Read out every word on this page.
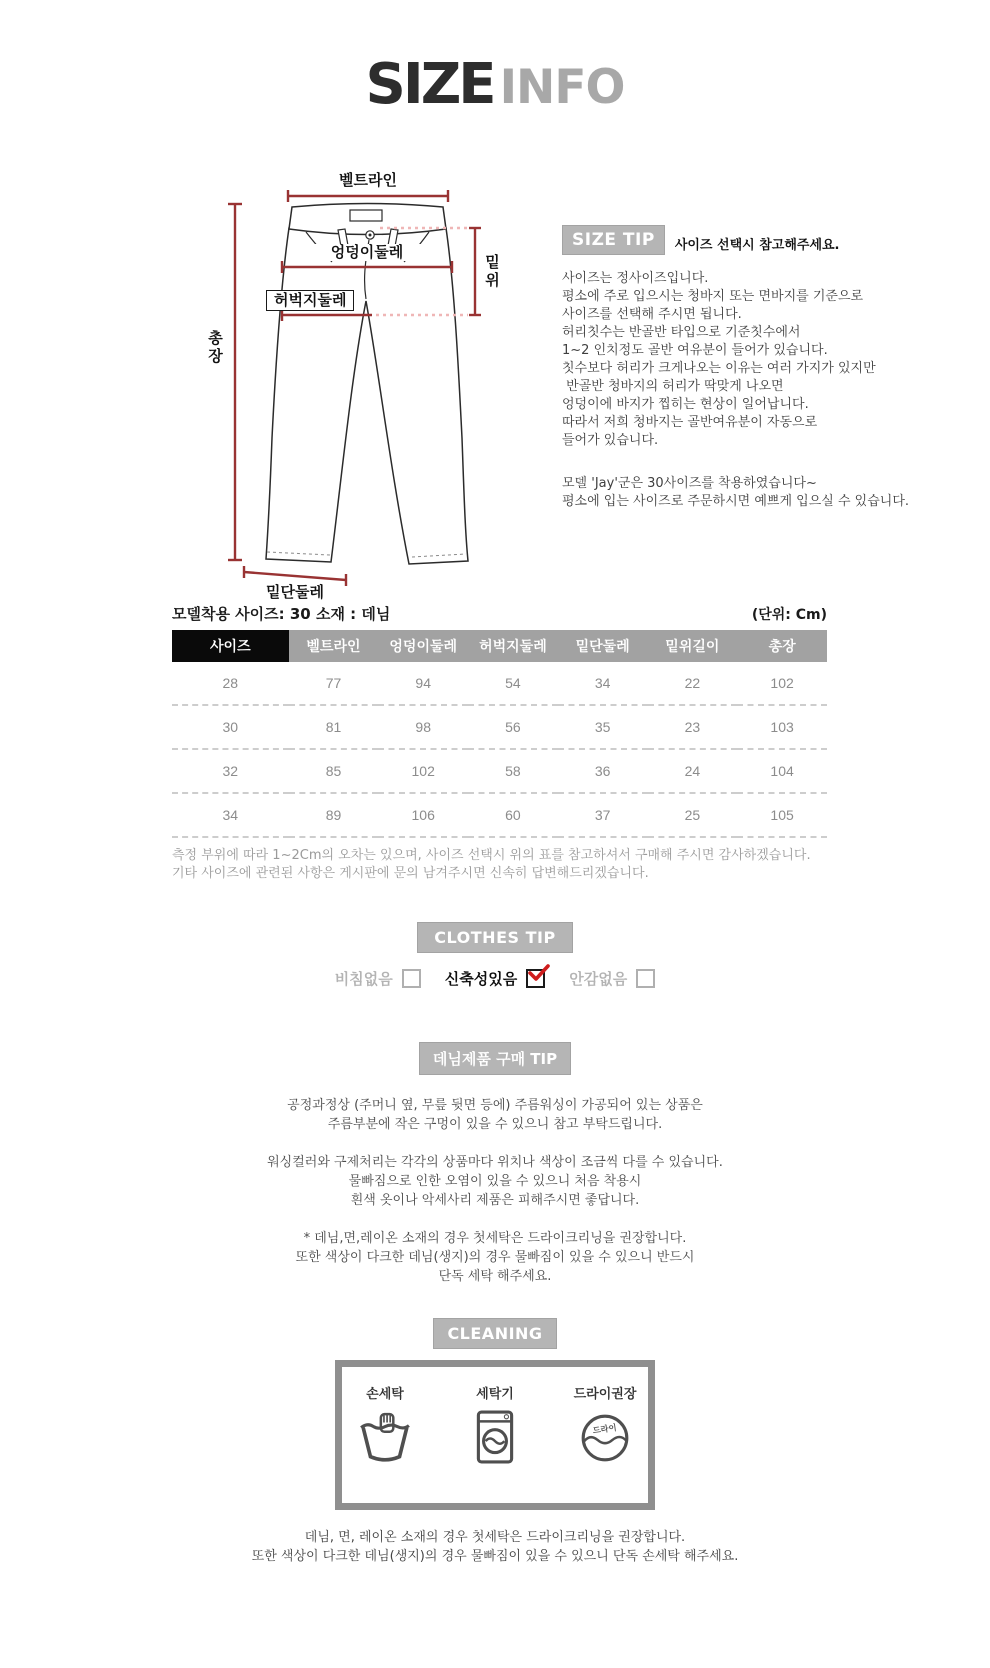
SIZE INFO
벨트라인
엉덩이둘레
허벅지둘레
총장
밑위
밑단둘레
SIZE TIP	사이즈 선택시 참고해주세요.
사이즈는 정사이즈입니다.
평소에 주로 입으시는 청바지 또는 면바지를 기준으로
사이즈를 선택해 주시면 됩니다.
허리칫수는 반골반 타입으로 기준칫수에서
1~2 인치정도 골반 여유분이 들어가 있습니다.
칫수보다 허리가 크게나오는 이유는 여러 가지가 있지만
반골반 청바지의 허리가 딱맞게 나오면
엉덩이에 바지가 찝히는 현상이 일어납니다.
따라서 저희 청바지는 골반여유분이 자동으로
들어가 있습니다.
모델 'Jay'군은 30사이즈를 착용하였습니다~
평소에 입는 사이즈로 주문하시면 예쁘게 입으실 수 있습니다.
모델착용 사이즈: 30 소재 : 데님	(단위: Cm)
사이즈	벨트라인	엉덩이둘레	허벅지둘레	밑단둘레	밑위길이	총장
28	77	94	54	34	22	102
30	81	98	56	35	23	103
32	85	102	58	36	24	104
34	89	106	60	37	25	105
측정 부위에 따라 1~2Cm의 오차는 있으며, 사이즈 선택시 위의 표를 참고하셔서 구매해 주시면 감사하겠습니다.
기타 사이즈에 관련된 사항은 게시판에 문의 남겨주시면 신속히 답변해드리겠습니다.
CLOTHES TIP
비침없음	신축성있음	안감없음
데님제품 구매 TIP
공정과정상 (주머니 옆, 무릎 뒷면 등에) 주름워싱이 가공되어 있는 상품은
주름부분에 작은 구멍이 있을 수 있으니 참고 부탁드립니다.
워싱컬러와 구제처리는 각각의 상품마다 위치나 색상이 조금씩 다를 수 있습니다.
물빠짐으로 인한 오염이 있을 수 있으니 처음 착용시
흰색 옷이나 악세사리 제품은 피해주시면 좋답니다.
* 데님,면,레이온 소재의 경우 첫세탁은 드라이크리닝을 권장합니다.
또한 색상이 다크한 데님(생지)의 경우 물빠짐이 있을 수 있으니 반드시
단독 세탁 해주세요.
CLEANING
손세탁	세탁기	드라이권장
드라이
데님, 면, 레이온 소재의 경우 첫세탁은 드라이크리닝을 권장합니다.
또한 색상이 다크한 데님(생지)의 경우 물빠짐이 있을 수 있으니 단독 손세탁 해주세요.
